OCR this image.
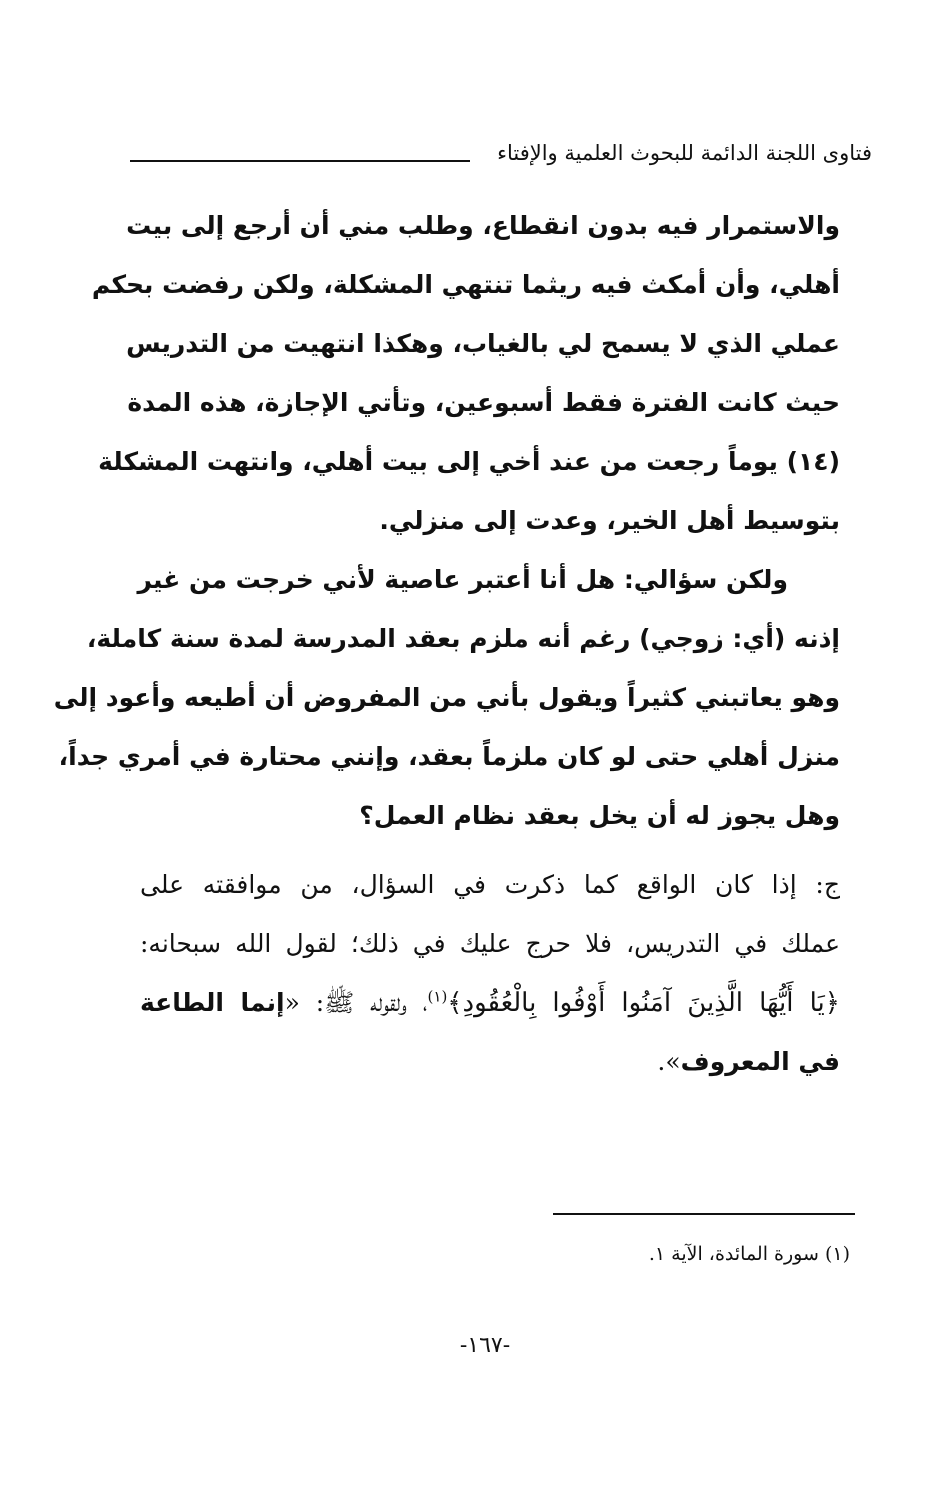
فتاوى اللجنة الدائمة للبحوث العلمية والإفتاء
والاستمرار فيه بدون انقطاع، وطلب مني أن أرجع إلى بيت
أهلي، وأن أمكث فيه ريثما تنتهي المشكلة، ولكن رفضت بحكم
عملي الذي لا يسمح لي بالغياب، وهكذا انتهيت من التدريس
حيث كانت الفترة فقط أسبوعين، وتأتي الإجازة، هذه المدة
(١٤) يوماً رجعت من عند أخي إلى بيت أهلي، وانتهت المشكلة
بتوسيط أهل الخير، وعدت إلى منزلي.
ولكن سؤالي: هل أنا أعتبر عاصية لأني خرجت من غير
إذنه (أي: زوجي) رغم أنه ملزم بعقد المدرسة لمدة سنة كاملة،
وهو يعاتبني كثيراً ويقول بأني من المفروض أن أطيعه وأعود إلى
منزل أهلي حتى لو كان ملزماً بعقد، وإنني محتارة في أمري جداً،
وهل يجوز له أن يخل بعقد نظام العمل؟
ج: إذا كان الواقع كما ذكرت في السؤال، من موافقته على
عملك في التدريس، فلا حرج عليك في ذلك؛ لقول الله سبحانه:
﴿يَا أَيُّهَا الَّذِينَ آمَنُوا أَوْفُوا بِالْعُقُودِ﴾$^{(١)}$، ولقوله ﷺ: «إنما الطاعة
في المعروف».
(١) سورة المائدة، الآية ١.
-١٦٧-
